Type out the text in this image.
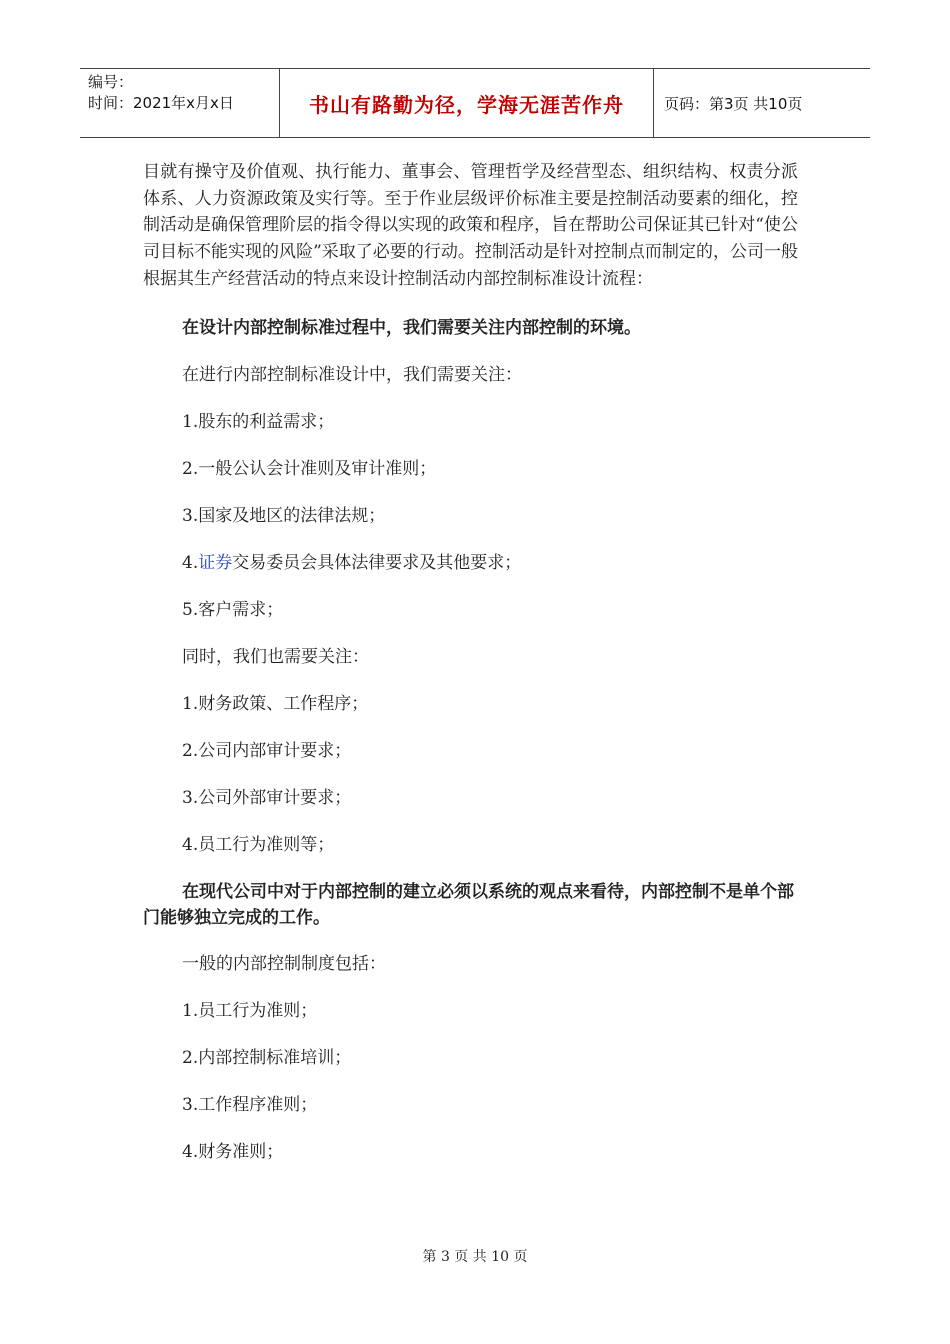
编号：
时间：2021年x月x日	书山有路勤为径，学海无涯苦作舟	页码：第3页 共10页

目就有操守及价值观、执行能力、董事会、管理哲学及经营型态、组织结构、权责分派体系、人力资源政策及实行等。至于作业层级评价标准主要是控制活动要素的细化，控制活动是确保管理阶层的指令得以实现的政策和程序，旨在帮助公司保证其已针对“使公司目标不能实现的风险”采取了必要的行动。控制活动是针对控制点而制定的，公司一般根据其生产经营活动的特点来设计控制活动内部控制标准设计流程：

在设计内部控制标准过程中，我们需要关注内部控制的环境。

在进行内部控制标准设计中，我们需要关注：

1.股东的利益需求；

2.一般公认会计准则及审计准则；

3.国家及地区的法律法规；

4.证券交易委员会具体法律要求及其他要求；

5.客户需求；

同时，我们也需要关注：

1.财务政策、工作程序；

2.公司内部审计要求；

3.公司外部审计要求；

4.员工行为准则等；

在现代公司中对于内部控制的建立必须以系统的观点来看待，内部控制不是单个部门能够独立完成的工作。

一般的内部控制制度包括：

1.员工行为准则；

2.内部控制标准培训；

3.工作程序准则；

4.财务准则；

第 3 页 共 10 页
